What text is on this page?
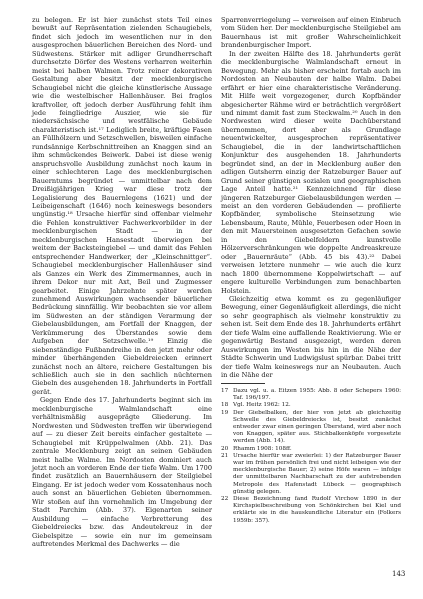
zu belegen. Er ist hier zunächst stets Teil eines bewußt auf Repräsentation zielenden Schaugiebels, findet sich jedoch im wesentlichen nur in den ausgesprochen bäuerlichen Bereichen des Nord- und Südwestens. Stärker mit adliger Grundherrschaft durchsetzte Dörfer des Westens verharren weiterhin meist bei halben Walmen. Trotz reiner dekorativen Gestaltung aber besitzt der mecklenburgische Schaugiebel nicht die gleiche künstlerische Aussage wie die westelbischer Hallenhäuser. Bei fraglos kraftvoller, oft jedoch derber Ausführung fehlt ihm jede feingliedrige Auszier, wie sie für niedersächsische und westfälische Gebäude charakteristisch ist.¹⁷ Lediglich breite, kräftige Fasen an Füllhölzern und Setzschwellen, bisweilen einfache rundsännige Kerbschnittreihen an Knaggen sind an ihm schmückendes Beiwerk. Dabei ist diese wenig anspruchsvolle Ausbildung zunächst noch kaum in einer schlechteren Lage des mecklenburgischen Bauerntums begründet — unmittelbar nach dem Dreißigjährigen Krieg war diese trotz der Legalisierung des Bauernlegens (1621) und der Leibeigenschaft (1646) noch keineswegs besonders ungünstig.¹⁸ Ursache hierfür sind offenbar vielmehr die Fehlen konstruktiver Fachwerkvorbilder in der mecklenburgischen Stadt — in der mecklenburgischen Hansestadt überwiegen bei weitem der Backsteingiebel — und damit das Fehlen entsprechender Handwerker, der „Kleinschnittger“. Schaugiebel mecklenburgischer Hallenhäuser sind als Ganzes ein Werk des Zimmermannes, auch in ihrem Dekor nur mit Axt, Beil und Zugmesser gearbeitet. Einige Jahrzehnte später werden zunehmend Auswirkungen wachsender bäuerlicher Bedrückung sinnfällig. Wir beobachten sie vor allem im Südwesten an der ständigen Verarmung der Giebelausbildungen, am Fortfall der Knaggen, der Verkümmerung des Überstandes sowie dem Aufgeben der Setzschwelle.¹⁹ Einzig die siebenständige Fußbandreihe in den jetzt mehr oder minder überhängenden Giebeldreiecken erinnert zunächst noch an ältere, reichere Gestaltungen bis schließlich auch sie in den sachlich nüchternen Giebeln des ausgehenden 18. Jahrhunderts in Fortfall gerät.

Gegen Ende des 17. Jahrhunderts beginnt sich im mecklenburgische Walmlandschaft eine verhältnismäßig ausgeprägte Gliederung. Im Nordwesten und Südwesten treffen wir überwiegend auf — zu dieser Zeit bereits einfacher gestaltete — Schaugiebel mit Krüppelwalmen (Abb. 21). Das zentrale Mecklenburg zeigt an seinen Gebäuden meist halbe Walme. Im Nordosten dominiert auch jetzt noch an vorderen Ende der tiefe Walm. Um 1700 findet zusätzlich an Bauernhäusern der Steilgiebel Eingang. Er ist jedoch weder vom Kossatenhaus noch auch sonst an bäuerlichen Gebieten übernommen. Wir stoßen auf ihn vornehmlich im Umgebung der Stadt Parchim (Abb. 37). Eigenarten seiner Ausbildung — einfache Verbretterung des Giebeldreiecks bzw. das Andeutekreuz in der Giebelspitze — sowie ein nur im gemeinsam auftretendes Merkmal des Dachwerks — die

Sparrenverriegelung — verweisen auf einen Einbruch vom Süden her. Der mecklenburgische Steilgiebel am Bauernhaus ist mit großer Wahrscheinlichkeit brandenburgischer Import.

In der zweiten Hälfte des 18. Jahrhunderts gerät die mecklenburgische Walmlandschaft erneut in Bewegung. Mehr als bisher erscheint fortab auch im Nordosten an Neubauten der halbe Walm. Dabei erfährt er hier eine charakteristische Veränderung. Mit Hilfe weit vorgezogener, durch Kopfbänder abgesicherter Rähme wird er beträchtlich vergrößert und nimmt damit fast zum Steckwalm.²⁰ Auch in den Nordwesten wird dieser weite Dachüberstand übernommen, dort aber als Grundlage neuentwickelter, ausgesprochen repräsentativer Schaugiebel, die in der landwirtschaftlichen Konjunktur des ausgehenden 18. Jahrhunderts begründet sind, an der in Mecklenburg außer den adligen Gutsherrn einzig der Ratzeburger Bauer auf Grund seiner günstigen sozialen und geographischen Lage Anteil hatte.²¹ Kennzeichnend für diese jüngeren Ratzeburger Giebelausbildungen werden — meist an den vorderen Gebäudenden — profilierte Kopfbänder, symbolische Steinsetzung wie Lebensbaum, Raute, Mühle, Feuerbesen oder Hoen in den mit Mauersteinen ausgesetzten Gefachen sowie in den Giebelfeldern kunstvolle Hölzerverschränkungen wie doppelte Andreaskreuze oder „Bauernräute“ (Abb. 45 bis 43).²² Dabei verweisen letztere nunmehr — wie auch die kurz nach 1800 übernommene Koppelwirtschaft — auf engere kulturelle Verbindungen zum benachbarten Holstein.

Gleichzeitig etwa kommt es zu gegenläufiger Bewegung, einer Gegenläufigkeit allerdings, die nicht so sehr geographisch als vielmehr konstruktiv zu sehen ist. Seit dem Ende des 18. Jahrhunderts erfährt der tiefe Walm eine auffallende Reaktivierung. Wie er gegenwärtig Bestand ausgezeigt, werden deren Auswirkungen im Westen bis hin in die Nähe der Städte Schwerin und Ludwigslust spürbar. Dabei tritt der tiefe Walm keineswegs nur an Neubauten. Auch in die Nähe der

17 Dazu vgl. u. a. Eitzen 1955: Abb. 8 oder Schepers 1960: Taf. 196/197.

18 Vgl. Heitz 1962: 12.

19 Der Giebelbalken, der hier von jetzt ab gleichzeitig Schwelle des Giebeldreiecks ist, besitzt zunächst entweder zwar einen geringen Überstand, wird aber noch von Knaggen, später aus. Stichbalkenköpfe vorgesetzte werden (Abb. 14).

20 Rhamm 1908: 108ff.

21 Ursache hierfür war zweierlei: 1) der Ratzeburger Bauer war im frühen persönlich frei und nicht leibeigen wie der mecklenburgische Bauer; 2) seine Höfe waren — infolge der unmittelbaren Nachbarschaft zu der aufstrebenden Metropole des Hafenstadt Lübeck — geographisch günstig gelegen.

22 Diese Bezeichnung fand Rudolf Virchow 1890 in der Kirchspielbeschreibung von Schönkirchen bei Kiel und erklärte sie in die hauskundliche Literatur ein (Folkers 1959b: 357).

143
